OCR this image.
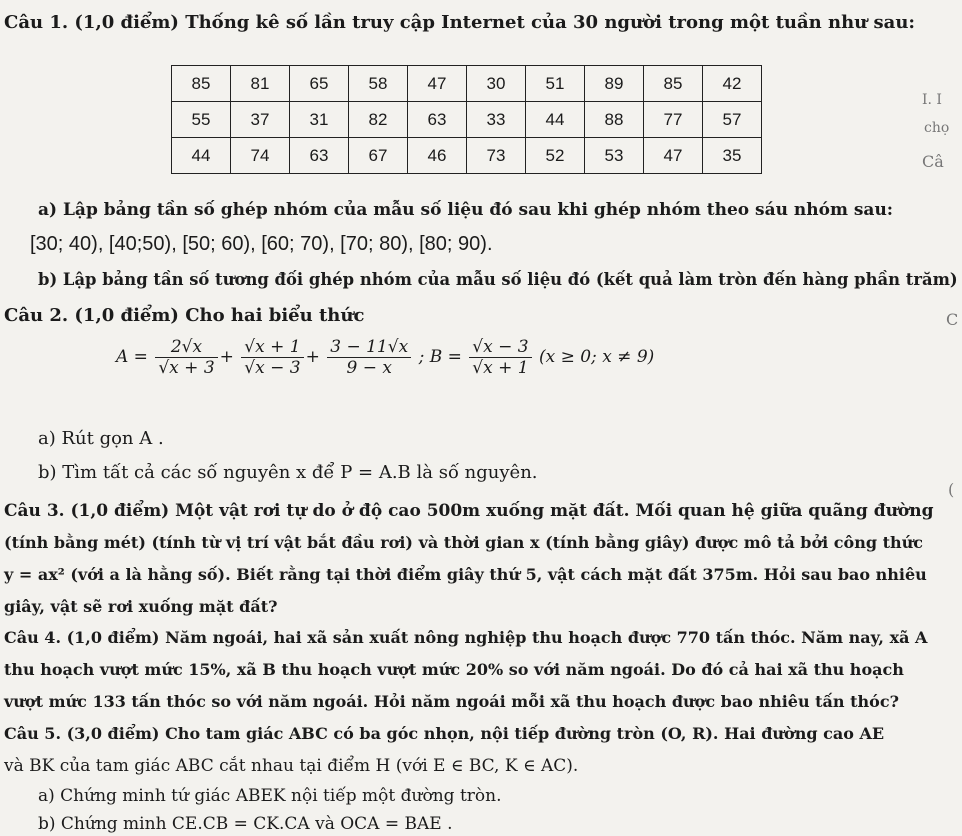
Câu 1. (1,0 điểm) Thống kê số lần truy cập Internet của 30 người trong một tuần như sau:
85	81	65	58	47	30	51	89	85	42
55	37	31	82	63	33	44	88	77	57
44	74	63	67	46	73	52	53	47	35
a) Lập bảng tần số ghép nhóm của mẫu số liệu đó sau khi ghép nhóm theo sáu nhóm sau:
[30; 40), [40;50), [50; 60), [60; 70), [70; 80), [80; 90).
b) Lập bảng tần số tương đối ghép nhóm của mẫu số liệu đó (kết quả làm tròn đến hàng phần trăm)
Câu 2. (1,0 điểm) Cho hai biểu thức
$A = \frac{2√x}{√x + 3} + \frac{√x + 1}{√x - 3} + \frac{3 - 11√x}{9 - x}$ ; $B = \frac{√x - 3}{√x + 1} (x \ge 0$; x ≠ 9)
a) Rút gọn A .
b) Tìm tất cả các số nguyên x để P = A.B là số nguyên.
Câu 3. (1,0 điểm) Một vật rơi tự do ở độ cao 500m xuống mặt đất. Mối quan hệ giữa quãng đường
(tính bằng mét) (tính từ vị trí vật bắt đầu rơi) và thời gian x (tính bằng giây) được mô tả bởi công thức
y = ax² (với a là hằng số). Biết rằng tại thời điểm giây thứ 5, vật cách mặt đất 375m. Hỏi sau bao nhiêu
giây, vật sẽ rơi xuống mặt đất?
Câu 4. (1,0 điểm) Năm ngoái, hai xã sản xuất nông nghiệp thu hoạch được 770 tấn thóc. Năm nay, xã A
thu hoạch vượt mức 15%, xã B thu hoạch vượt mức 20% so với năm ngoái. Do đó cả hai xã thu hoạch
vượt mức 133 tấn thóc so với năm ngoái. Hỏi năm ngoái mỗi xã thu hoạch được bao nhiêu tấn thóc?
Câu 5. (3,0 điểm) Cho tam giác ABC có ba góc nhọn, nội tiếp đường tròn (O, R). Hai đường cao AE
và BK của tam giác ABC cắt nhau tại điểm H (với E ∈ BC, K ∈ AC).
a) Chứng minh tứ giác ABEK nội tiếp một đường tròn.
b) Chứng minh CE.CB = CK.CA và OCA = BAE .
I. I
chọ
Câ
C
(
